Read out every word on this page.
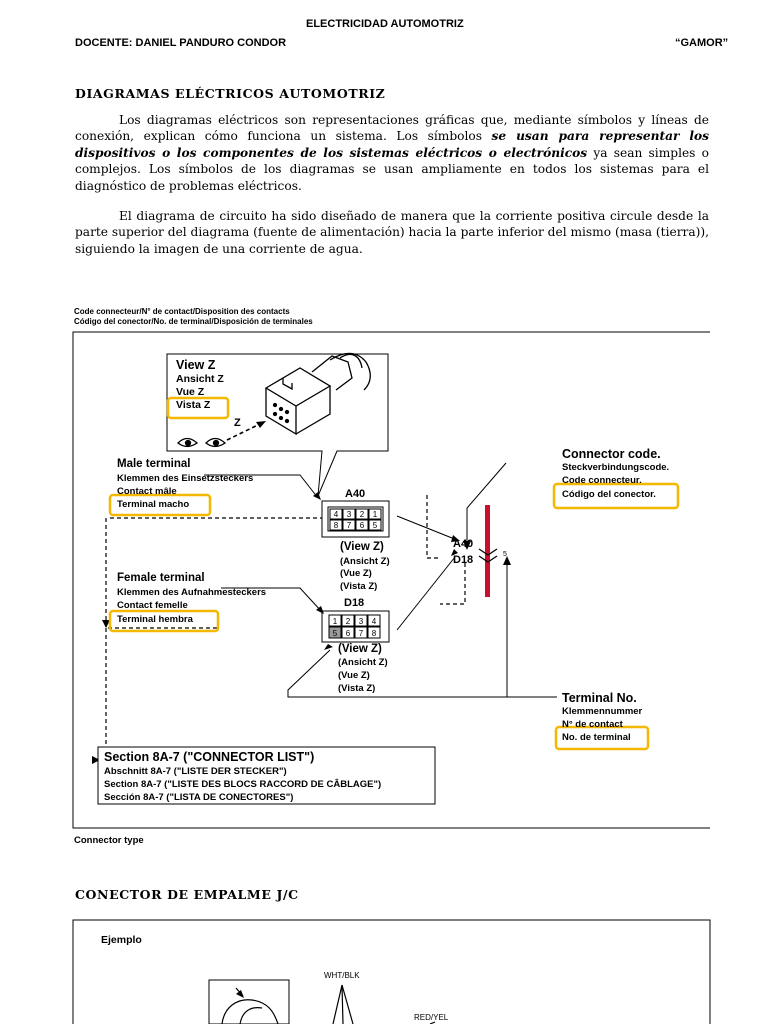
ELECTRICIDAD AUTOMOTRIZ
DOCENTE: DANIEL PANDURO CONDOR	“GAMOR”
DIAGRAMAS ELÉCTRICOS AUTOMOTRIZ

Los diagramas eléctricos son representaciones gráficas que, mediante símbolos y líneas de conexión, explican cómo funciona un sistema. Los símbolos se usan para representar los dispositivos o los componentes de los sistemas eléctricos o electrónicos ya sean simples o complejos. Los símbolos de los diagramas se usan ampliamente en todos los sistemas para el diagnóstico de problemas eléctricos.

El diagrama de circuito ha sido diseñado de manera que la corriente positiva circule desde la parte superior del diagrama (fuente de alimentación) hacia la parte inferior del mismo (masa (tierra)), siguiendo la imagen de una corriente de agua.

Code connecteur/N° de contact/Disposition des contacts
Código del conector/No. de terminal/Disposición de terminales
Z
4 3 2 1
8 7 6 5
A40
1 2 3 4
5 6 7 8
D18
A40
D18	5
View Z
Ansicht Z
Vue Z
Vista Z
Male terminal
Klemmen des Einsetzsteckers
Contact mâle
Terminal macho
(View Z)
(Ansicht Z)
(Vue Z)
(Vista Z)
Female terminal
Klemmen des Aufnahmesteckers
Contact femelle
Terminal hembra
(View Z)
(Ansicht Z)
(Vue Z)
(Vista Z)
Connector code.
Steckverbindungscode.
Code connecteur.
Código del conector.
Terminal No.
Klemmennummer
N° de contact
No. de terminal
Section 8A-7 ("CONNECTOR LIST")
Abschnitt 8A-7 ("LISTE DER STECKER")
Section 8A-7 ("LISTE DES BLOCS RACCORD DE CÂBLAGE")
Sección 8A-7 ("LISTA DE CONECTORES")
Connector type
CONECTOR DE EMPALME J/C
WHT/BLK
RED/YEL
Ejemplo
